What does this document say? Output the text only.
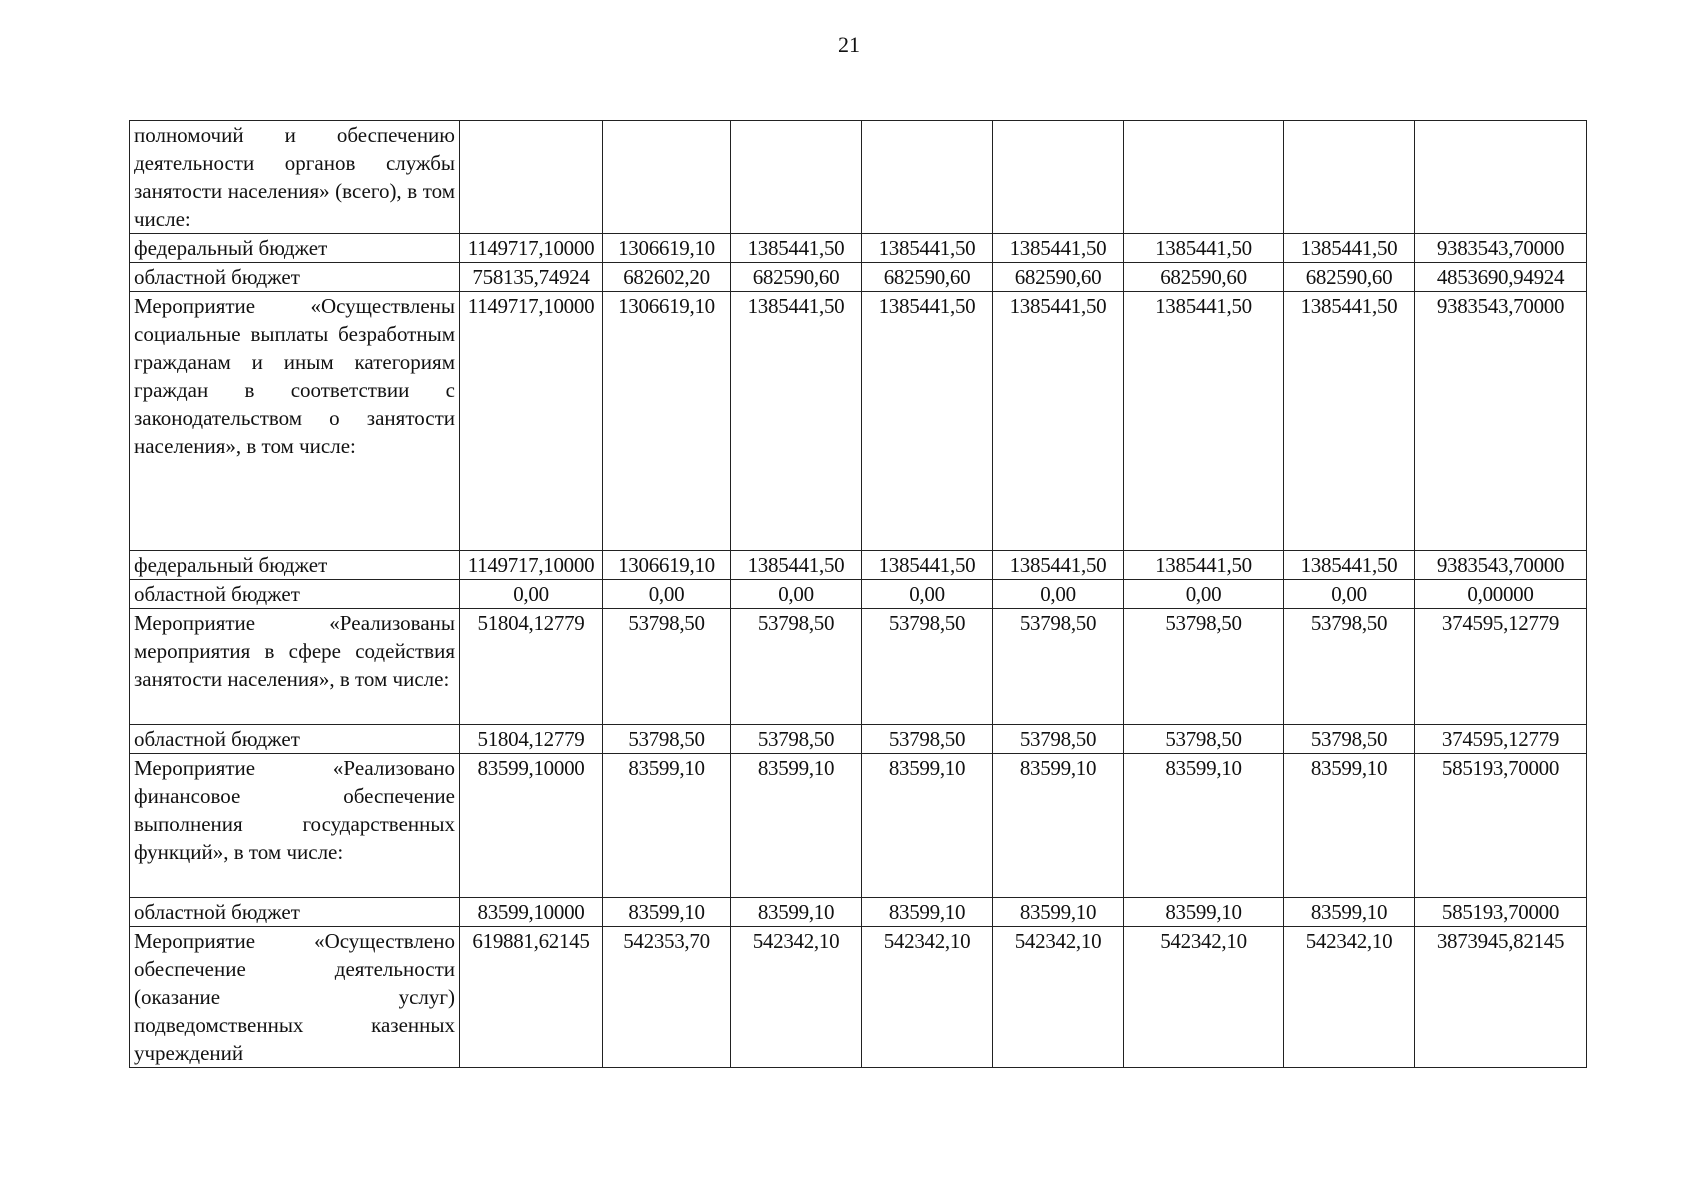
21
полномочий и обеспечению деятельности органов службы занятости населения» (всего), в том числе:								
федеральный бюджет	1149717,10000	1306619,10	1385441,50	1385441,50	1385441,50	1385441,50	1385441,50	9383543,70000
областной бюджет	758135,74924	682602,20	682590,60	682590,60	682590,60	682590,60	682590,60	4853690,94924
Мероприятие «Осуществлены социальные выплаты безработным гражданам и иным категориям граждан в соответствии с законодательством о занятости населения», в том числе:	1149717,10000	1306619,10	1385441,50	1385441,50	1385441,50	1385441,50	1385441,50	9383543,70000
федеральный бюджет	1149717,10000	1306619,10	1385441,50	1385441,50	1385441,50	1385441,50	1385441,50	9383543,70000
областной бюджет	0,00	0,00	0,00	0,00	0,00	0,00	0,00	0,00000
Мероприятие «Реализованы мероприятия в сфере содействия занятости населения», в том числе:	51804,12779	53798,50	53798,50	53798,50	53798,50	53798,50	53798,50	374595,12779
областной бюджет	51804,12779	53798,50	53798,50	53798,50	53798,50	53798,50	53798,50	374595,12779
Мероприятие «Реализовано финансовое обеспечение выполнения государственных функций», в том числе:	83599,10000	83599,10	83599,10	83599,10	83599,10	83599,10	83599,10	585193,70000
областной бюджет	83599,10000	83599,10	83599,10	83599,10	83599,10	83599,10	83599,10	585193,70000
Мероприятие «Осуществлено обеспечение деятельности (оказание услуг) подведомственных казенных учреждений	619881,62145	542353,70	542342,10	542342,10	542342,10	542342,10	542342,10	3873945,82145
